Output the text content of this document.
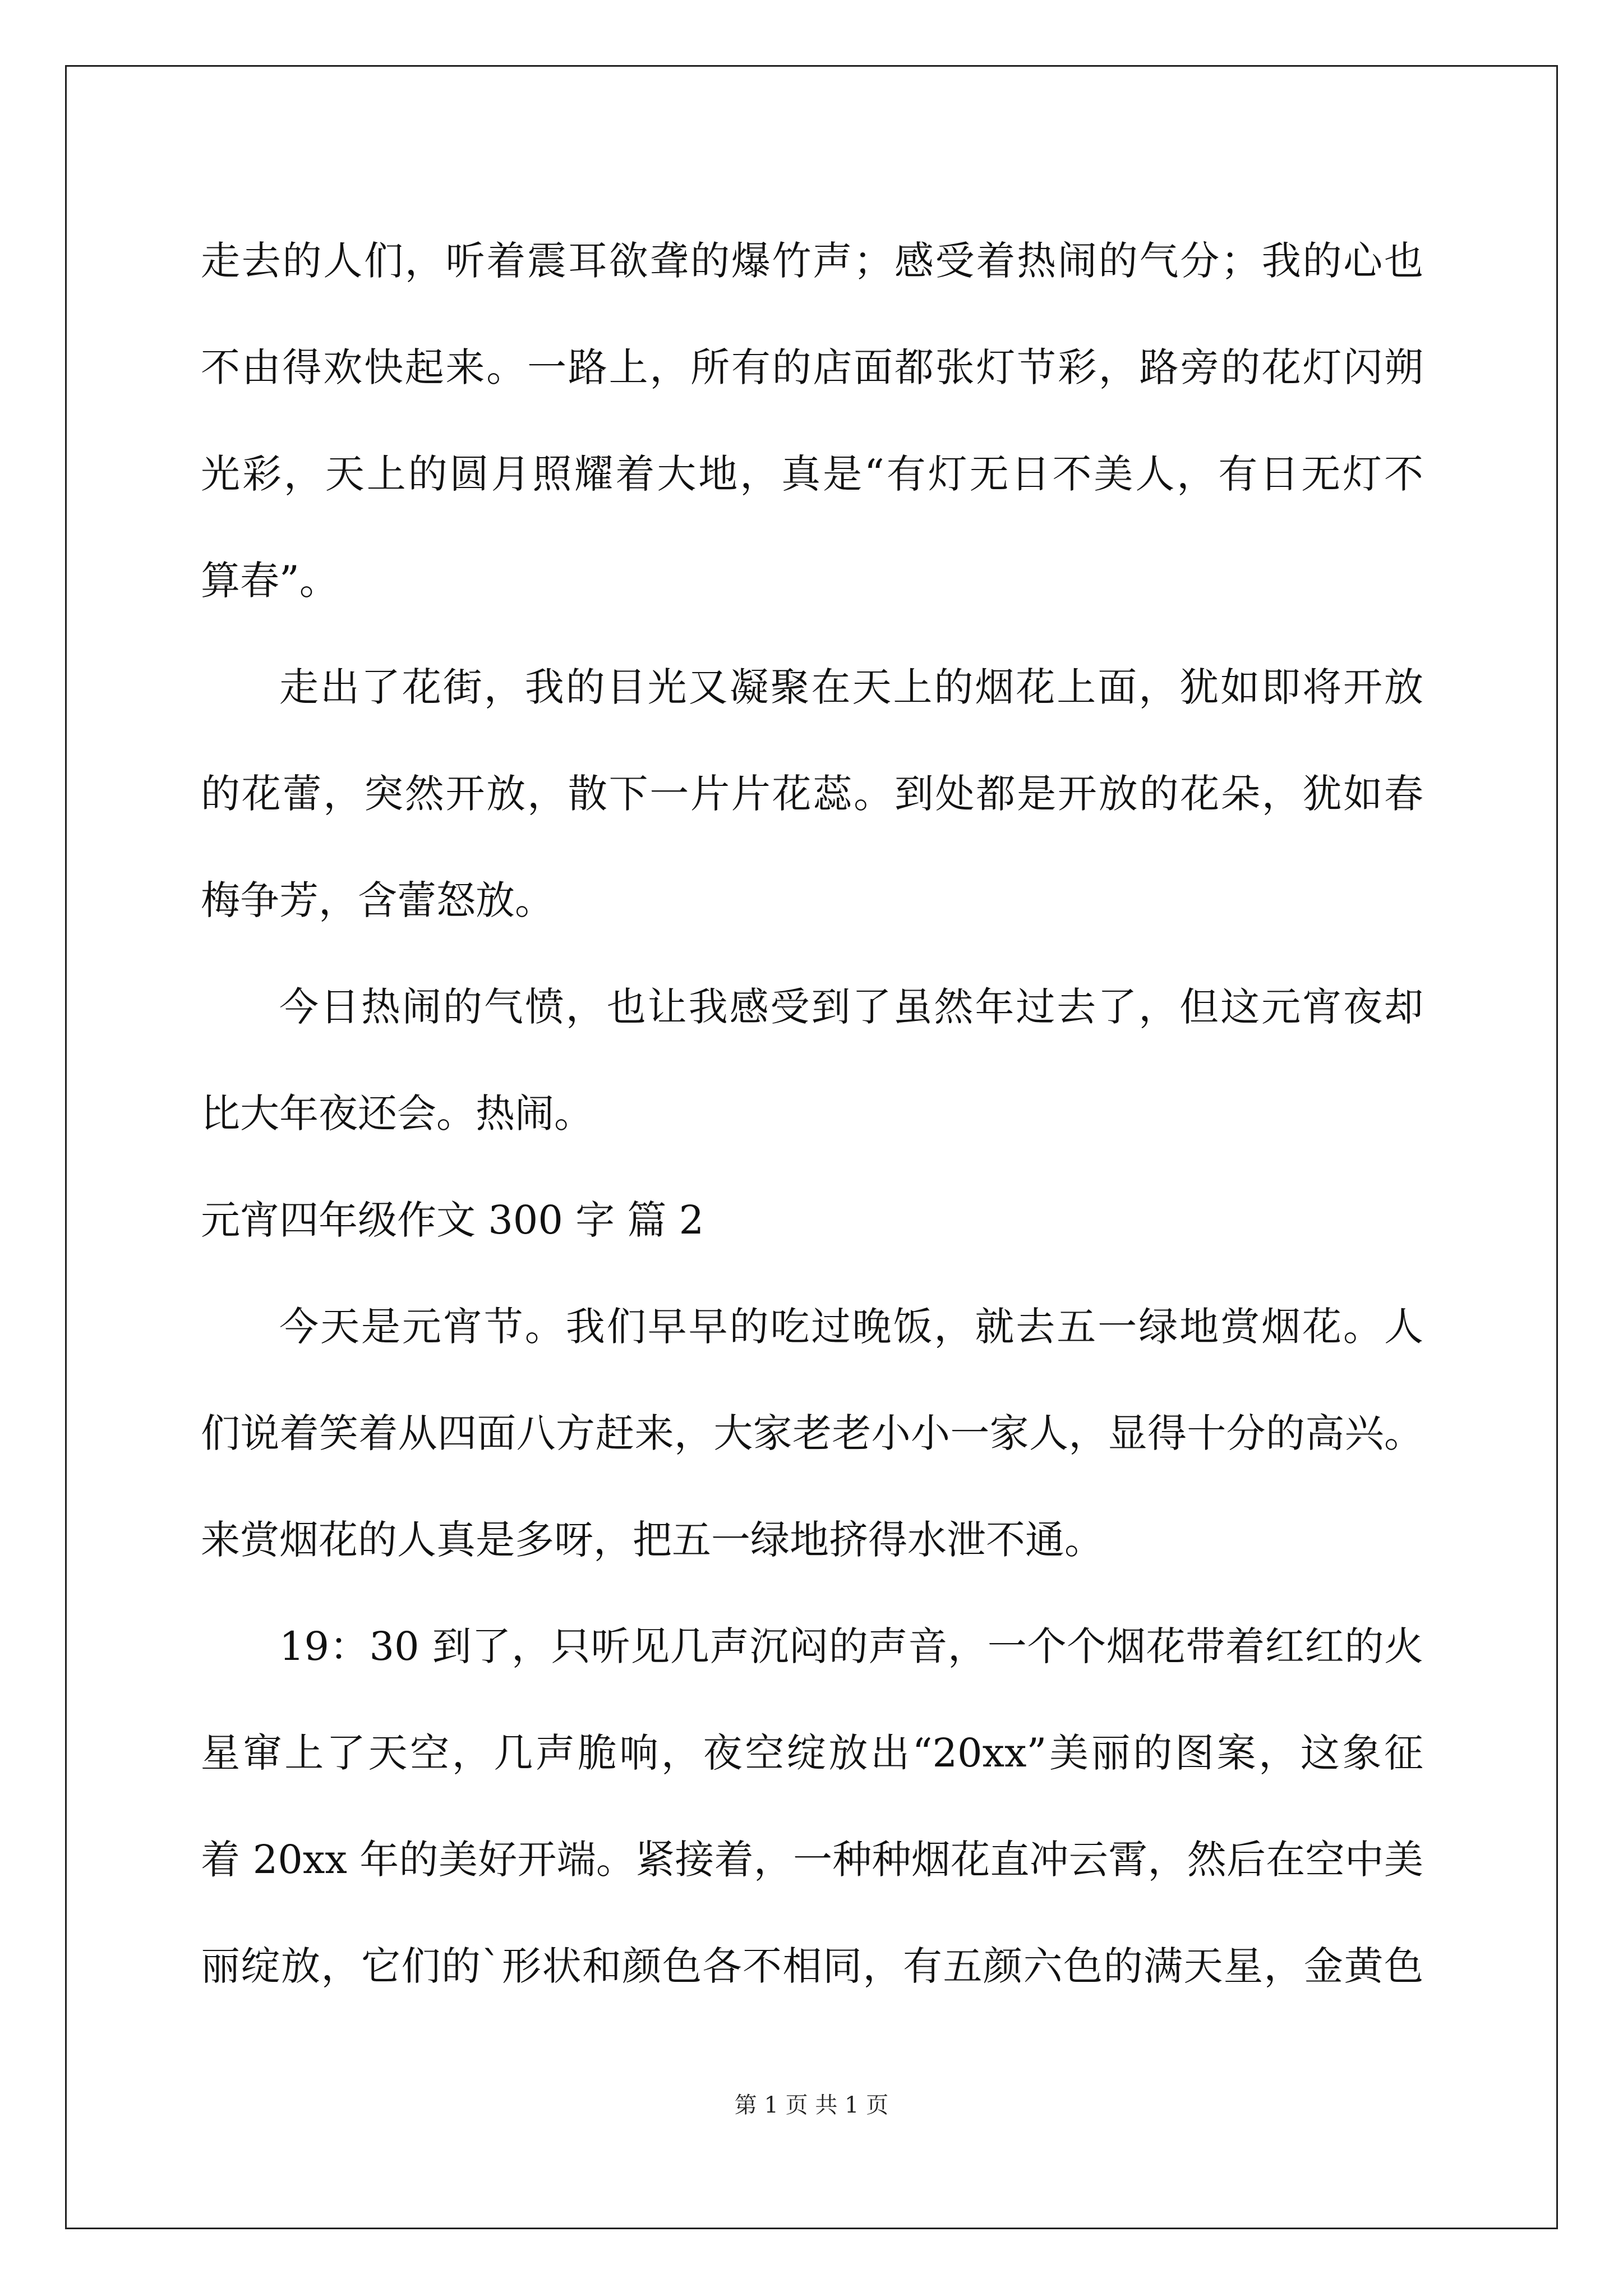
走去的人们，听着震耳欲聋的爆竹声；感受着热闹的气分；我的心也
不由得欢快起来。一路上，所有的店面都张灯节彩，路旁的花灯闪朔
光彩，天上的圆月照耀着大地，真是“有灯无日不美人，有日无灯不
算春”。
走出了花街，我的目光又凝聚在天上的烟花上面，犹如即将开放
的花蕾，突然开放，散下一片片花蕊。到处都是开放的花朵，犹如春
梅争芳，含蕾怒放。
今日热闹的气愤，也让我感受到了虽然年过去了，但这元宵夜却
比大年夜还会。热闹。
元宵四年级作文 300 字 篇 2
今天是元宵节。我们早早的吃过晚饭，就去五一绿地赏烟花。人
们说着笑着从四面八方赶来，大家老老小小一家人，显得十分的高兴。
来赏烟花的人真是多呀，把五一绿地挤得水泄不通。
19：30 到了，只听见几声沉闷的声音，一个个烟花带着红红的火
星窜上了天空，几声脆响，夜空绽放出“20xx”美丽的图案，这象征
着 20xx 年的美好开端。紧接着，一种种烟花直冲云霄，然后在空中美
丽绽放，它们的`形状和颜色各不相同，有五颜六色的满天星，金黄色
第 1 页 共 1 页
